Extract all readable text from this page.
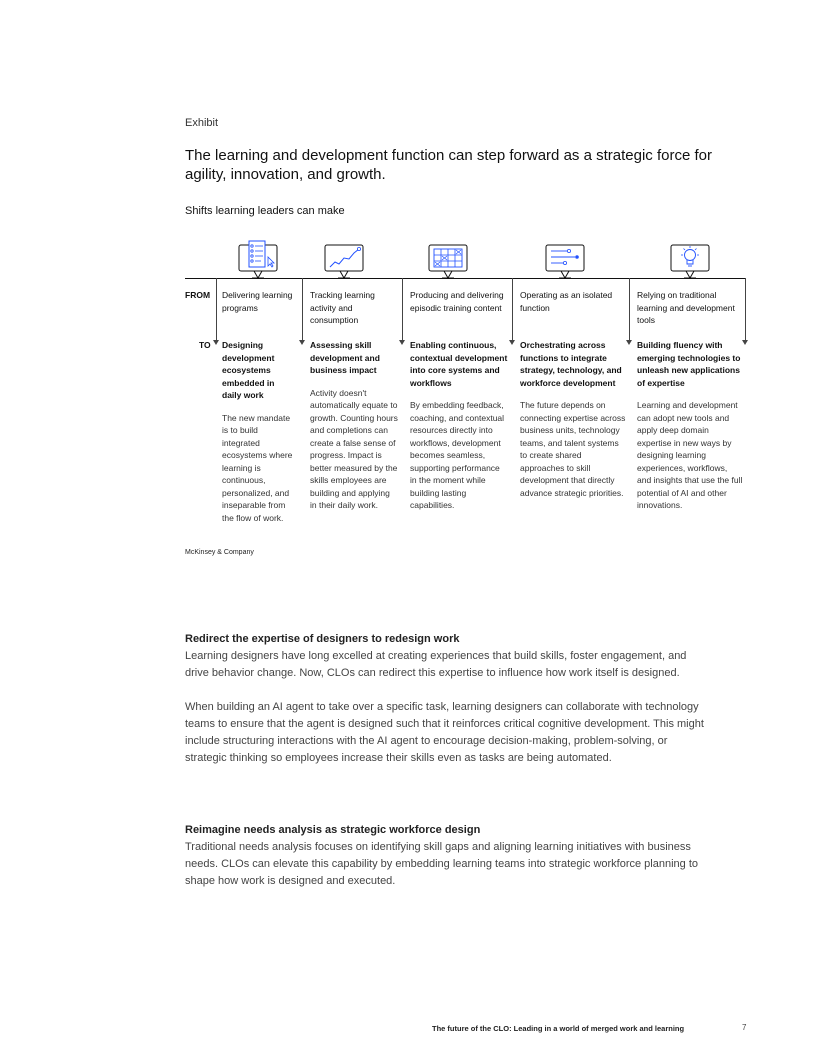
Exhibit
The learning and development function can step forward as a strategic force for agility, innovation, and growth.
Shifts learning leaders can make
FROM
TO
Delivering learning programs
Designing development ecosystems embedded in daily work
The new mandate is to build integrated ecosystems where learning is continuous, personalized, and inseparable from the flow of work.
Tracking learning activity and consumption
Assessing skill development and business impact
Activity doesn't automatically equate to growth. Counting hours and completions can create a false sense of progress. Impact is better measured by the skills employees are building and applying in their daily work.
Producing and delivering episodic training content
Enabling continuous, contextual development into core systems and workflows
By embedding feedback, coaching, and contextual resources directly into workflows, development becomes seamless, supporting performance in the moment while building lasting capabilities.
Operating as an isolated function
Orchestrating across functions to integrate strategy, technology, and workforce development
The future depends on connecting expertise across business units, technology teams, and talent systems to create shared approaches to skill development that directly advance strategic priorities.
Relying on traditional learning and development tools
Building fluency with emerging technologies to unleash new applications of expertise
Learning and development can adopt new tools and apply deep domain expertise in new ways by designing learning experiences, workflows, and insights that use the full potential of AI and other innovations.
McKinsey & Company
Redirect the expertise of designers to redesign work
Learning designers have long excelled at creating experiences that build skills, foster engagement, and drive behavior change. Now, CLOs can redirect this expertise to influence how work itself is designed.
When building an AI agent to take over a specific task, learning designers can collaborate with technology teams to ensure that the agent is designed such that it reinforces critical cognitive development. This might include structuring interactions with the AI agent to encourage decision-making, problem-solving, or strategic thinking so employees increase their skills even as tasks are being automated.
Reimagine needs analysis as strategic workforce design
Traditional needs analysis focuses on identifying skill gaps and aligning learning initiatives with business needs. CLOs can elevate this capability by embedding learning teams into strategic workforce planning to shape how work is designed and executed.
The future of the CLO: Leading in a world of merged work and learning	7
